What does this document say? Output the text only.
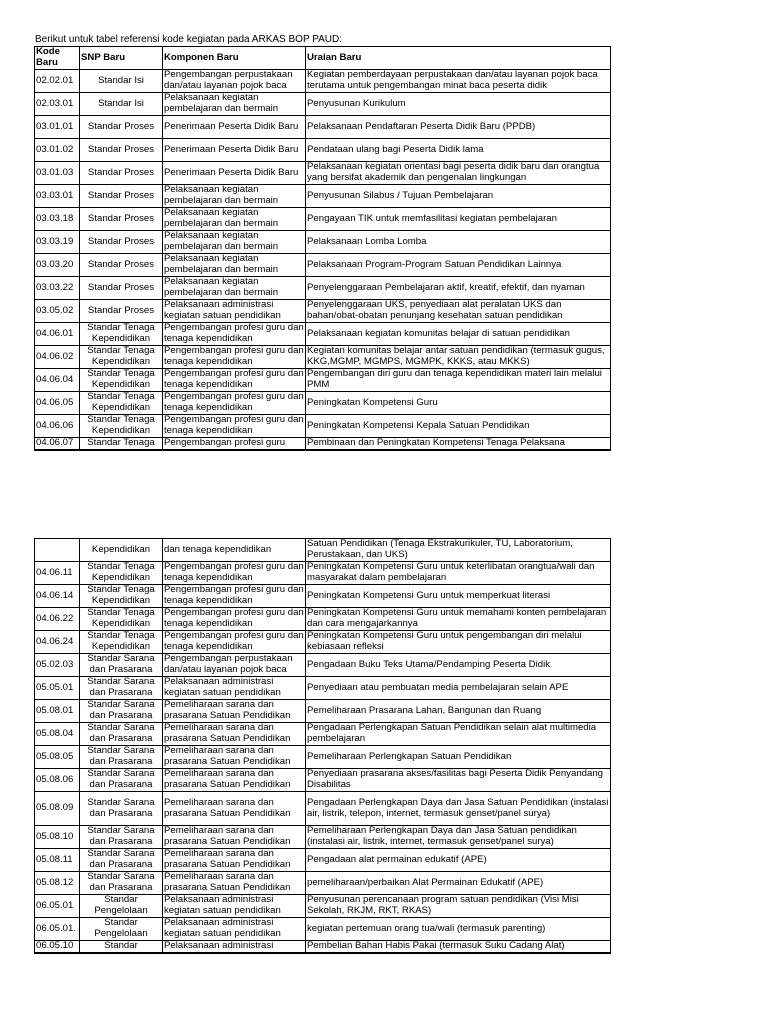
Berikut untuk tabel referensi kode kegiatan pada ARKAS BOP PAUD:
Kode Baru	SNP Baru	Komponen Baru	Uraian Baru
02.02.01	Standar Isi	Pengembangan perpustakaan dan/atau layanan pojok baca	Kegiatan pemberdayaan perpustakaan dan/atau layanan pojok baca terutama untuk pengembangan minat baca peserta didik
02.03.01	Standar Isi	Pelaksanaan kegiatan pembelajaran dan bermain	Penyusunan Kurikulum
03.01.01	Standar Proses	Penerimaan Peserta Didik Baru	Pelaksanaan Pendaftaran Peserta Didik Baru (PPDB)
03.01.02	Standar Proses	Penerimaan Peserta Didik Baru	Pendataan ulang bagi Peserta Didik lama
03.01.03	Standar Proses	Penerimaan Peserta Didik Baru	Pelaksanaan kegiatan orientasi bagi peserta didik baru dan orangtua yang bersifat akademik dan pengenalan lingkungan
03.03.01	Standar Proses	Pelaksanaan kegiatan pembelajaran dan bermain	Penyusunan Silabus / Tujuan Pembelajaran
03.03.18	Standar Proses	Pelaksanaan kegiatan pembelajaran dan bermain	Pengayaan TIK untuk memfasilitasi kegiatan pembelajaran
03.03.19	Standar Proses	Pelaksanaan kegiatan pembelajaran dan bermain	Pelaksanaan Lomba Lomba
03.03.20	Standar Proses	Pelaksanaan kegiatan pembelajaran dan bermain	Pelaksanaan Program-Program Satuan Pendidikan Lainnya
03.03.22	Standar Proses	Pelaksanaan kegiatan pembelajaran dan bermain	Penyelenggaraan Pembelajaran aktif, kreatif, efektif, dan nyaman
03.05.02	Standar Proses	Pelaksanaan administrasi kegiatan satuan pendidikan	Penyelenggaraan UKS, penyediaan alat peralatan UKS dan bahan/obat-obatan penunjang kesehatan satuan pendidikan
04.06.01	Standar Tenaga Kependidikan	Pengembangan profesi guru dan tenaga kependidikan	Pelaksanaan kegiatan komunitas belajar di satuan pendidikan
04.06.02	Standar Tenaga Kependidikan	Pengembangan profesi guru dan tenaga kependidikan	Kegiatan komunitas belajar antar satuan pendidikan (termasuk gugus, KKG,MGMP, MGMPS, MGMPK, KKKS, atau MKKS)
04.06.04	Standar Tenaga Kependidikan	Pengembangan profesi guru dan tenaga kependidikan	Pengembangan diri guru dan tenaga kependidikan materi lain melalui PMM
04.06.05	Standar Tenaga Kependidikan	Pengembangan profesi guru dan tenaga kependidikan	Peningkatan Kompetensi Guru
04.06.06	Standar Tenaga Kependidikan	Pengembangan profesi guru dan tenaga kependidikan	Peningkatan Kompetensi Kepala Satuan Pendidikan
04.06.07	Standar Tenaga	Pengembangan profesi guru	Pembinaan dan Peningkatan Kompetensi Tenaga Pelaksana
	Kependidikan	dan tenaga kependidikan	Satuan Pendidikan (Tenaga Ekstrakurikuler, TU, Laboratorium, Perustakaan, dan UKS)
04.06.11	Standar Tenaga Kependidikan	Pengembangan profesi guru dan tenaga kependidikan	Peningkatan Kompetensi Guru untuk keterlibatan orangtua/wali dan masyarakat dalam pembelajaran
04.06.14	Standar Tenaga Kependidikan	Pengembangan profesi guru dan tenaga kependidikan	Peningkatan Kompetensi Guru untuk memperkuat literasi
04.06.22	Standar Tenaga Kependidikan	Pengembangan profesi guru dan tenaga kependidikan	Peningkatan Kompetensi Guru untuk memahami konten pembelajaran dan cara mengajarkannya
04.06.24	Standar Tenaga Kependidikan	Pengembangan profesi guru dan tenaga kependidikan	Peningkatan Kompetensi Guru untuk pengembangan diri melalui kebiasaan refleksi
05.02.03	Standar Sarana dan Prasarana	Pengembangan perpustakaan dan/atau layanan pojok baca	Pengadaan Buku Teks Utama/Pendamping Peserta Didik
05.05.01	Standar Sarana dan Prasarana	Pelaksanaan administrasi kegiatan satuan pendidikan	Penyediaan atau pembuatan media pembelajaran selain APE
05.08.01	Standar Sarana dan Prasarana	Pemeliharaan sarana dan prasarana Satuan Pendidikan	Pemeliharaan Prasarana Lahan, Bangunan dan Ruang
05.08.04	Standar Sarana dan Prasarana	Pemeliharaan sarana dan prasarana Satuan Pendidikan	Pengadaan Perlengkapan Satuan Pendidikan selain alat multimedia pembelajaran
05.08.05	Standar Sarana dan Prasarana	Pemeliharaan sarana dan prasarana Satuan Pendidikan	Pemeliharaan Perlengkapan Satuan Pendidikan
05.08.06	Standar Sarana dan Prasarana	Pemeliharaan sarana dan prasarana Satuan Pendidikan	Penyediaan prasarana akses/fasilitas bagi Peserta Didik Penyandang Disabilitas
05.08.09	Standar Sarana dan Prasarana	Pemeliharaan sarana dan prasarana Satuan Pendidikan	Pengadaan Perlengkapan Daya dan Jasa Satuan Pendidikan (instalasi air, listrik, telepon, internet, termasuk genset/panel surya)
05.08.10	Standar Sarana dan Prasarana	Pemeliharaan sarana dan prasarana Satuan Pendidikan	Pemeliharaan Perlengkapan Daya dan Jasa Satuan pendidikan (instalasi air, listrik, internet, termasuk genset/panel surya)
05.08.11	Standar Sarana dan Prasarana	Pemeliharaan sarana dan prasarana Satuan Pendidikan	Pengadaan alat permainan edukatif (APE)
05.08.12	Standar Sarana dan Prasarana	Pemeliharaan sarana dan prasarana Satuan Pendidikan	pemeliharaan/perbaikan Alat Permainan Edukatif (APE)
06.05.01	Standar Pengelolaan	Pelaksanaan administrasi kegiatan satuan pendidikan	Penyusunan perencanaan program satuan pendidikan (Visi Misi Sekolah, RKJM, RKT, RKAS)
06.05.01.	Standar Pengelolaan	Pelaksanaan administrasi kegiatan satuan pendidikan	kegiatan pertemuan orang tua/wali (termasuk parenting)
06.05.10	Standar	Pelaksanaan administrasi	Pembelian Bahan Habis Pakai (termasuk Suku Cadang Alat)
